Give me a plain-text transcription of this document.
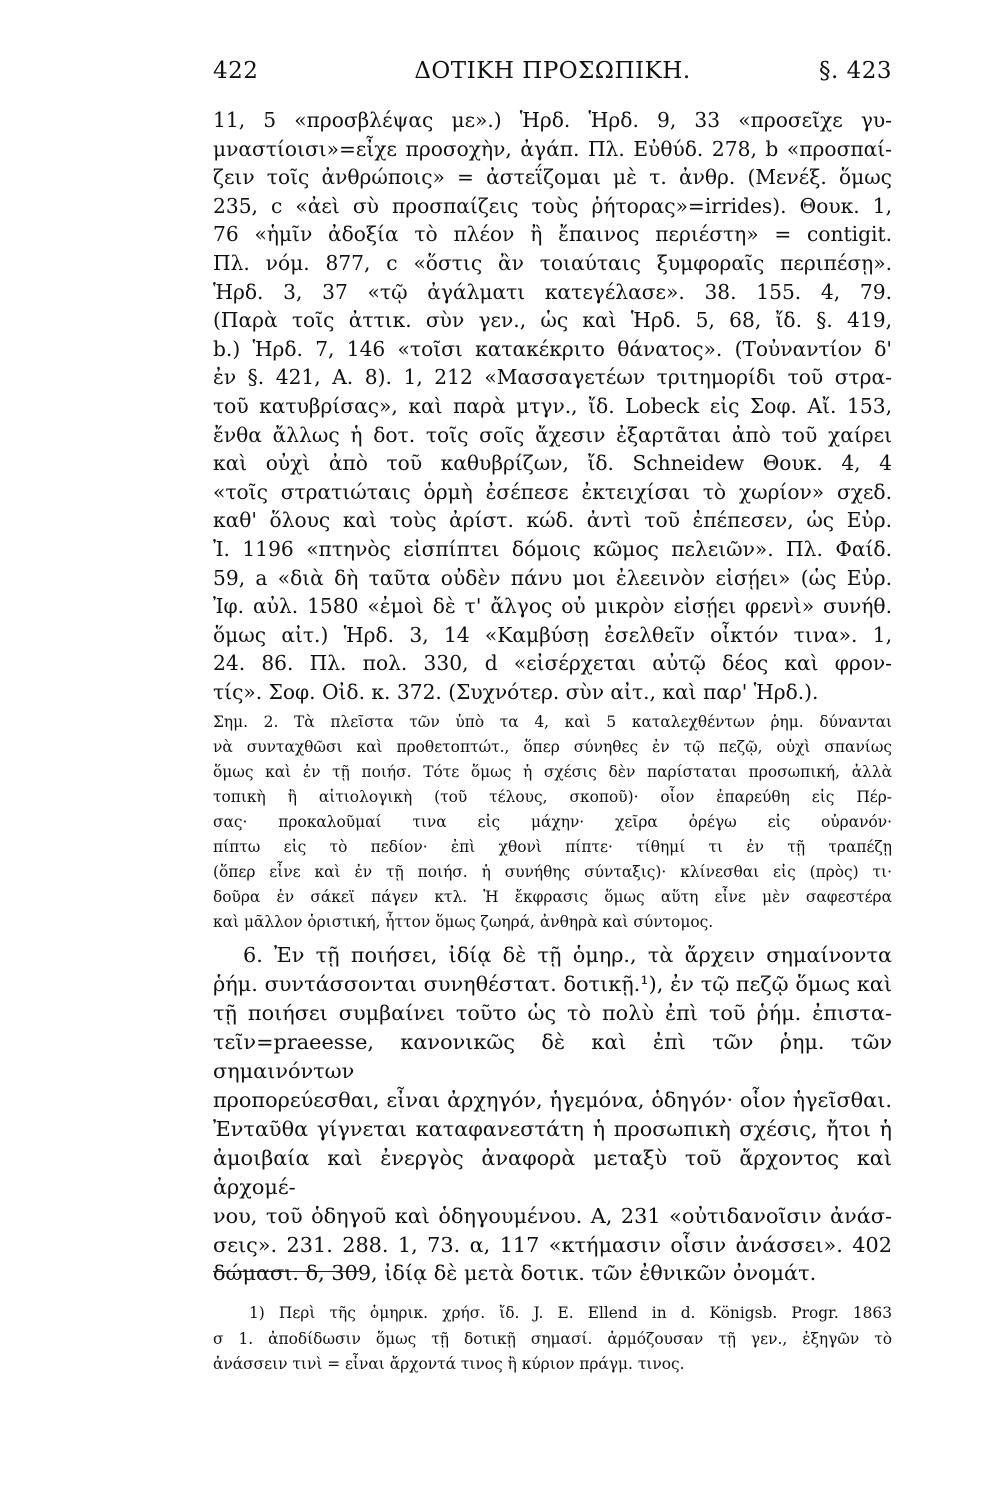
422	ΔΟΤΙΚΗ ΠΡΟΣΩΠΙΚΗ.	§. 423

11, 5 «προσβλέψας με».) Ἡρδ. Ἡρδ. 9, 33 «προσεῖχε γυ-

μναστίοισι»=εἶχε προσοχὴν, ἀγάπ. Πλ. Εὐθύδ. 278, b «προσπαί-

ζειν τοῖς ἀνθρώποις» = ἀστεΐζομαι μὲ τ. ἀνθρ. (Μενέξ. ὅμως

235, c «ἀεὶ σὺ προσπαίζεις τοὺς ῥήτορας»=irrides). Θουκ. 1,

76 «ἡμῖν ἀδοξία τὸ πλέον ἢ ἔπαινος περιέστη» = contigit.

Πλ. νόμ. 877, c «ὅστις ἂν τοιαύταις ξυμφοραῖς περιπέσῃ».

Ἡρδ. 3, 37 «τῷ ἀγάλματι κατεγέλασε». 38. 155. 4, 79.

(Παρὰ τοῖς ἀττικ. σὺν γεν., ὡς καὶ Ἡρδ. 5, 68, ἴδ. §. 419,

b.) Ἡρδ. 7, 146 «τοῖσι κατακέκριτο θάνατος». (Τοὐναντίον δ'

ἐν §. 421, Α. 8). 1, 212 «Μασσαγετέων τριτημορίδι τοῦ στρα-

τοῦ κατυβρίσας», καὶ παρὰ μτγν., ἴδ. Lobeck εἰς Σοφ. Αἴ. 153,

ἔνθα ἄλλως ἡ δοτ. τοῖς σοῖς ἄχεσιν ἐξαρτᾶται ἀπὸ τοῦ χαίρει

καὶ οὐχὶ ἀπὸ τοῦ καθυβρίζων, ἴδ. Schneidew Θουκ. 4, 4

«τοῖς στρατιώταις ὁρμὴ ἐσέπεσε ἐκτειχίσαι τὸ χωρίον» σχεδ.

καθ' ὅλους καὶ τοὺς ἀρίστ. κώδ. ἀντὶ τοῦ ἐπέπεσεν, ὡς Εὐρ.

Ἰ. 1196 «πτηνὸς εἰσπίπτει δόμοις κῶμος πελειῶν». Πλ. Φαίδ.

59, a «διὰ δὴ ταῦτα οὐδὲν πάνυ μοι ἐλεεινὸν εἰσῄει» (ὡς Εὐρ.

Ἰφ. αὐλ. 1580 «ἐμοὶ δὲ τ' ἄλγος οὐ μικρὸν εἰσῄει φρενὶ» συνήθ.

ὅμως αἰτ.) Ἡρδ. 3, 14 «Καμβύσῃ ἐσελθεῖν οἶκτόν τινα». 1,

24. 86. Πλ. πολ. 330, d «εἰσέρχεται αὐτῷ δέος καὶ φρον-

τίς». Σοφ. Οἰδ. κ. 372. (Συχνότερ. σὺν αἰτ., καὶ παρ' Ἡρδ.).

Σημ. 2. Τὰ πλεῖστα τῶν ὑπὸ τα 4, καὶ 5 καταλεχθέντων ῥημ. δύνανται

νὰ συνταχθῶσι καὶ προθετοπτώτ., ὅπερ σύνηθες ἐν τῷ πεζῷ, οὐχὶ σπανίως

ὅμως καὶ ἐν τῇ ποιήσ. Τότε ὅμως ἡ σχέσις δὲν παρίσταται προσωπική, ἀλλὰ

τοπικὴ ἢ αἰτιολογικὴ (τοῦ τέλους, σκοποῦ)· οἷον ἐπαρεύθη εἰς Πέρ-

σας· προκαλοῦμαί τινα εἰς μάχην· χεῖρα ὀρέγω εἰς οὐρανόν·

πίπτω εἰς τὸ πεδίον· ἐπὶ χθονὶ πίπτε· τίθημί τι ἐν τῇ τραπέζῃ

(ὅπερ εἶνε καὶ ἐν τῇ ποιήσ. ἡ συνήθης σύνταξις)· κλίνεσθαι εἰς (πρὸς) τι·

δοῦρα ἐν σάκεϊ πάγεν κτλ. Ἡ ἔκφρασις ὅμως αὕτη εἶνε μὲν σαφεστέρα

καὶ μᾶλλον ὁριστική, ἧττον ὅμως ζωηρά, ἀνθηρὰ καὶ σύντομος.

6. Ἐν τῇ ποιήσει, ἰδίᾳ δὲ τῇ ὁμηρ., τὰ ἄρχειν σημαίνοντα

ῥήμ. συντάσσονται συνηθέστατ. δοτικῇ.¹), ἐν τῷ πεζῷ ὅμως καὶ

τῇ ποιήσει συμβαίνει τοῦτο ὡς τὸ πολὺ ἐπὶ τοῦ ῥήμ. ἐπιστα-

τεῖν=praeesse, κανονικῶς δὲ καὶ ἐπὶ τῶν ῥημ. τῶν σημαινόντων

προπορεύεσθαι, εἶναι ἀρχηγόν, ἡγεμόνα, ὁδηγόν· οἷον ἡγεῖσθαι.

Ἐνταῦθα γίγνεται καταφανεστάτη ἡ προσωπικὴ σχέσις, ἤτοι ἡ

ἀμοιβαία καὶ ἐνεργὸς ἀναφορὰ μεταξὺ τοῦ ἄρχοντος καὶ ἀρχομέ-

νου, τοῦ ὁδηγοῦ καὶ ὁδηγουμένου. Α, 231 «οὐτιδανοῖσιν ἀνάσ-

σεις». 231. 288. 1, 73. α, 117 «κτήμασιν οἷσιν ἀνάσσει». 402

δώμασι. δ, 309, ἰδίᾳ δὲ μετὰ δοτικ. τῶν ἐθνικῶν ὀνομάτ.

1) Περὶ τῆς ὁμηρικ. χρήσ. ἴδ. J. E. Ellend in d. Königsb. Progr. 1863

σ 1. ἀποδίδωσιν ὅμως τῇ δοτικῇ σημασί. ἁρμόζουσαν τῇ γεν., ἐξηγῶν τὸ

ἀνάσσειν τινὶ = εἶναι ἄρχοντά τινος ἢ κύριον πράγμ. τινος.
